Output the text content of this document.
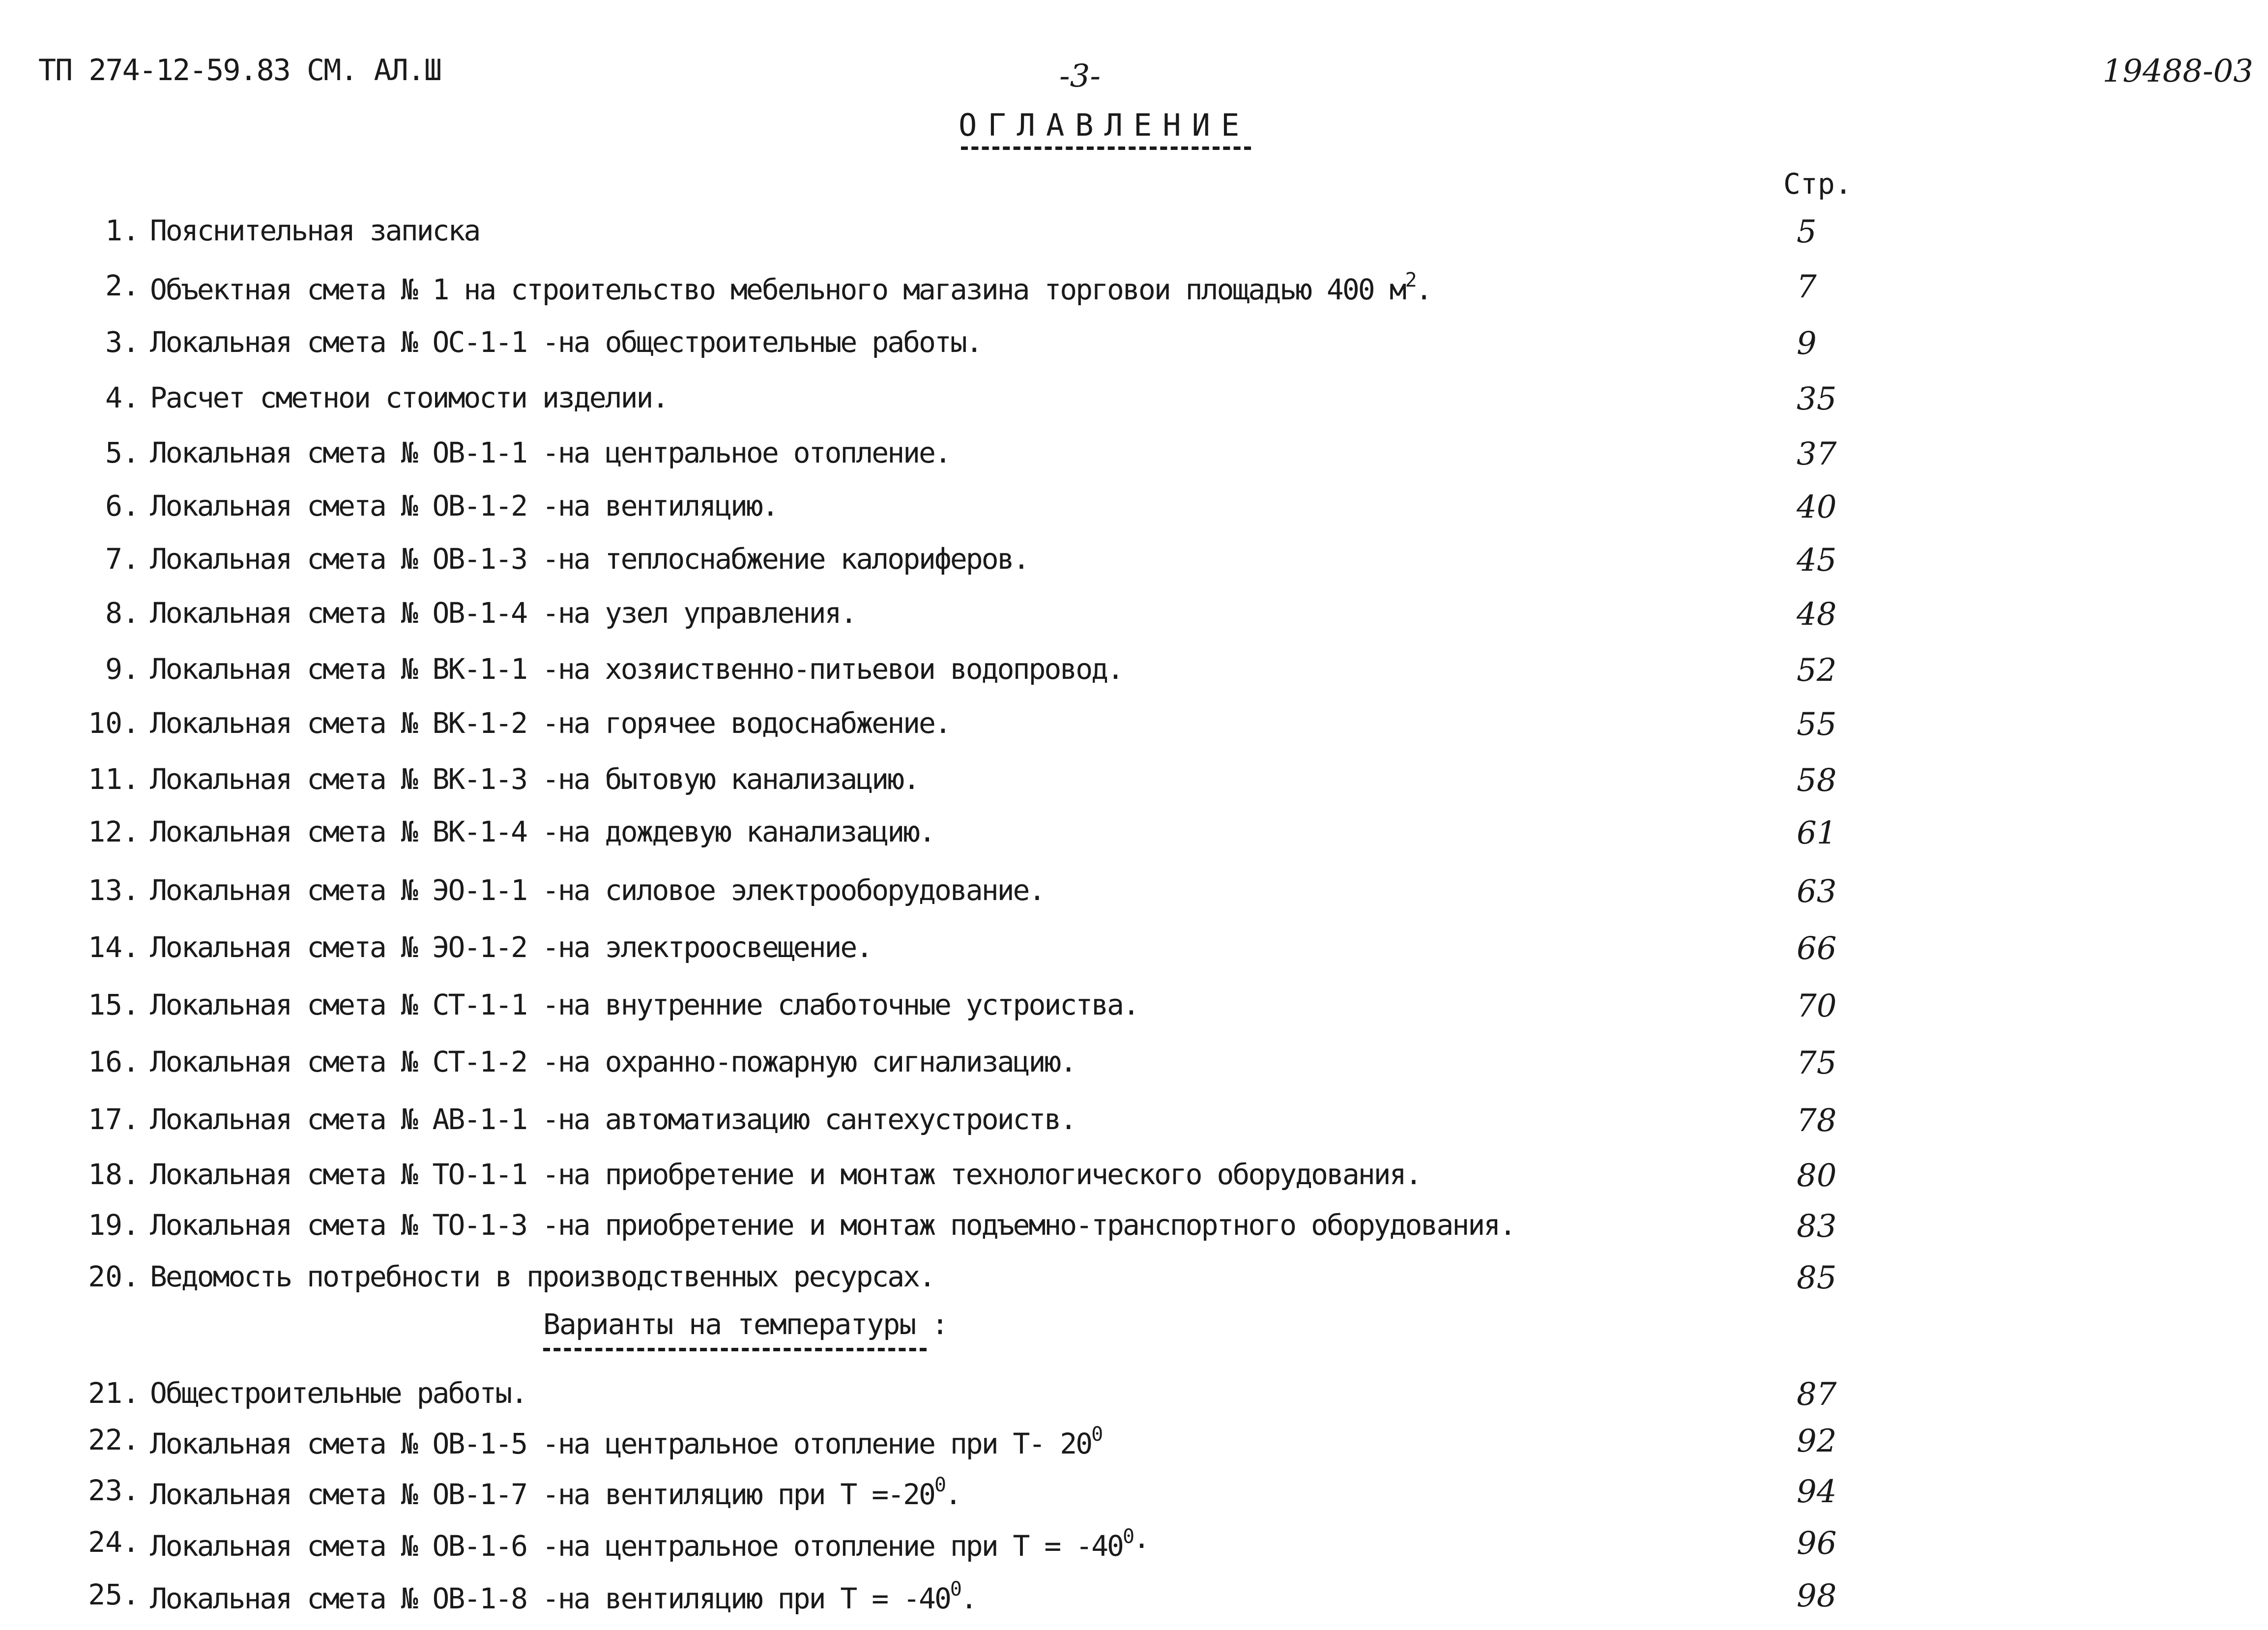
ТП 274-12-59.83 СМ. АЛ.Ш	-3-	19488-03
ОГЛАВЛЕНИЕ
Стр.
1. Пояснительная записка	5
2. Объектная смета № 1 на строительство мебельного магазина торговои площадью 400 $м^2$.	7
3. Локальная смета № ОС-1-1 -на общестроительные работы.	9
4. Расчет сметнои стоимости изделии.	35
5. Локальная смета № ОВ-1-1 -на центральное отопление.	37
6. Локальная смета № ОВ-1-2 -на вентиляцию.	40
7. Локальная смета № ОВ-1-3 -на теплоснабжение калориферов.	45
8. Локальная смета № ОВ-1-4 -на узел управления.	48
9. Локальная смета № ВК-1-1 -на хозяиственно-питьевои водопровод.	52
10. Локальная смета № ВК-1-2 -на горячее водоснабжение.	55
11. Локальная смета № ВК-1-3 -на бытовую канализацию.	58
12. Локальная смета № ВК-1-4 -на дождевую канализацию.	61
13. Локальная смета № ЭО-1-1 -на силовое электрооборудование.	63
14. Локальная смета № ЭО-1-2 -на электроосвещение.	66
15. Локальная смета № СТ-1-1 -на внутренние слаботочные устроиства.	70
16. Локальная смета № СТ-1-2 -на охранно-пожарную сигнализацию.	75
17. Локальная смета № АВ-1-1 -на автоматизацию сантехустроиств.	78
18. Локальная смета № ТО-1-1 -на приобретение и монтаж технологического оборудования.	80
19. Локальная смета № ТО-1-3 -на приобретение и монтаж подъемно-транспортного оборудования.	83
20. Ведомость потребности в производственных ресурсах.	85
Варианты на температуры :
21. Общестроительные работы.	87
22. Локальная смета № ОВ-1-5 -на центральное отопление при Т- $20^0$	92
23. Локальная смета № ОВ-1-7 -на вентиляцию при $Т =-20^0$.	94
24. Локальная смета № ОВ-1-6 -на центральное отопление при $Т = -40^0\cdot$	96
25. Локальная смета № ОВ-1-8 -на вентиляцию при $Т = -40^0$.	98
